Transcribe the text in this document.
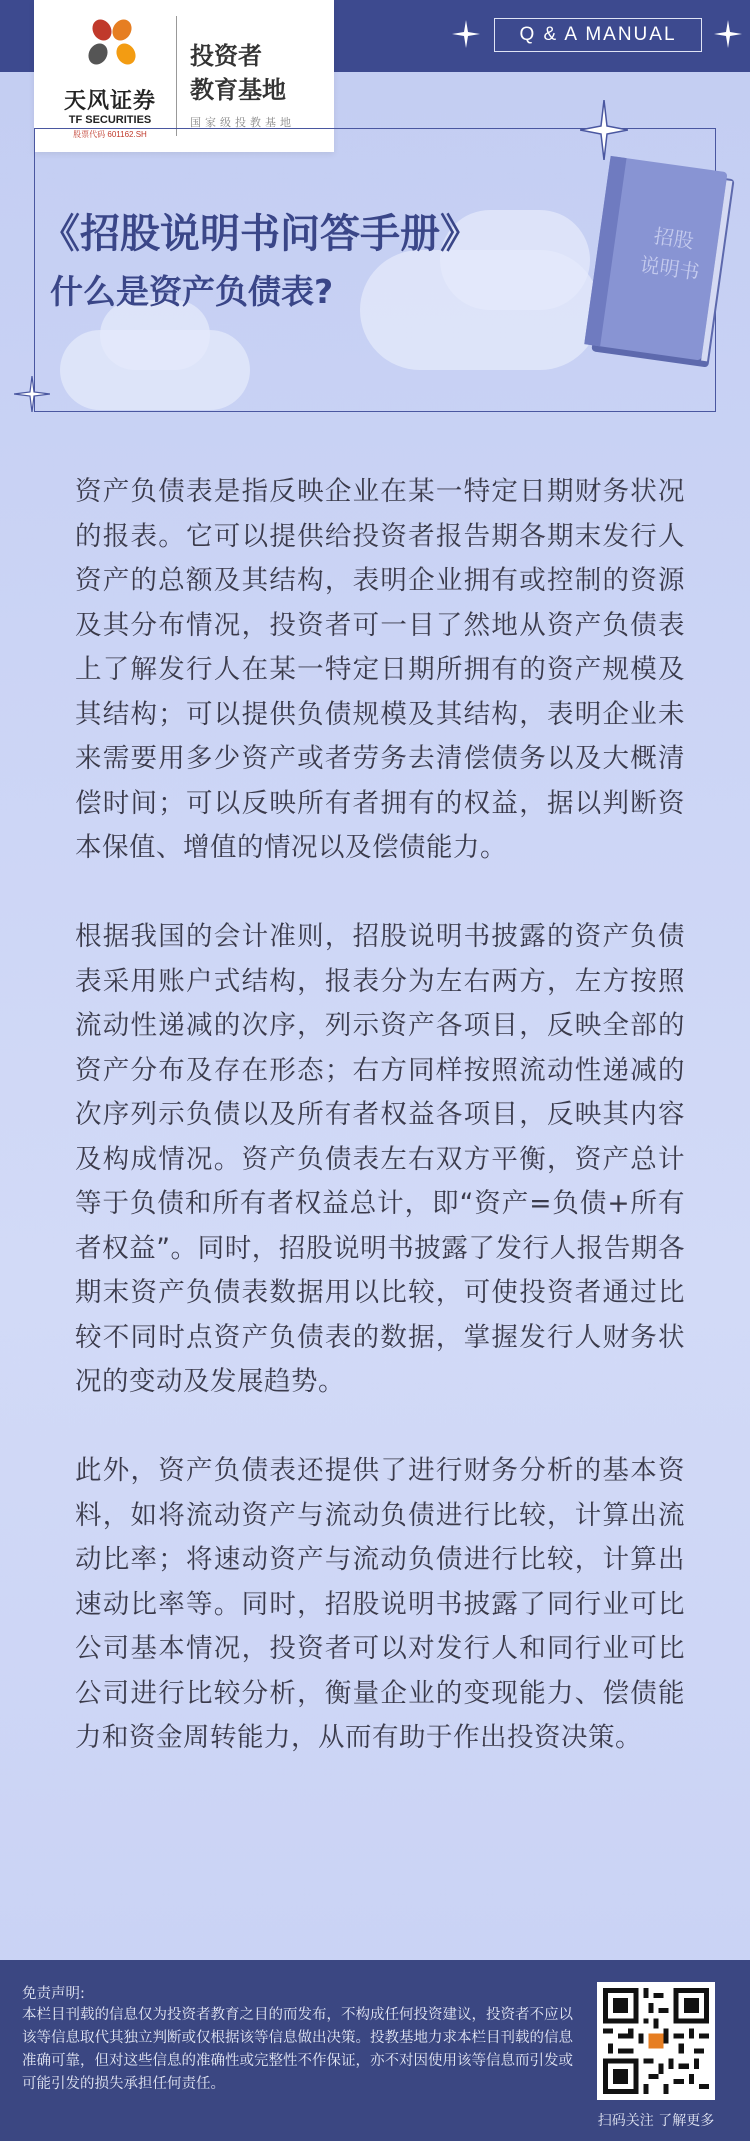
天风证券
TF SECURITIES
股票代码 601162.SH
投资者
教育基地
国家级投教基地
Q & A MANUAL
《招股说明书问答手册》
什么是资产负债表?
招股
说明书

资产负债表是指反映企业在某一特定日期财务状况的报表。它可以提供给投资者报告期各期末发行人资产的总额及其结构，表明企业拥有或控制的资源及其分布情况，投资者可一目了然地从资产负债表上了解发行人在某一特定日期所拥有的资产规模及其结构；可以提供负债规模及其结构，表明企业未来需要用多少资产或者劳务去清偿债务以及大概清偿时间；可以反映所有者拥有的权益，据以判断资本保值、增值的情况以及偿债能力。

根据我国的会计准则，招股说明书披露的资产负债表采用账户式结构，报表分为左右两方，左方按照流动性递减的次序，列示资产各项目，反映全部的资产分布及存在形态；右方同样按照流动性递减的次序列示负债以及所有者权益各项目，反映其内容及构成情况。资产负债表左右双方平衡，资产总计等于负债和所有者权益总计，即“资产=负债+所有者权益”。同时，招股说明书披露了发行人报告期各期末资产负债表数据用以比较，可使投资者通过比较不同时点资产负债表的数据，掌握发行人财务状况的变动及发展趋势。

此外，资产负债表还提供了进行财务分析的基本资料，如将流动资产与流动负债进行比较，计算出流动比率；将速动资产与流动负债进行比较，计算出速动比率等。同时，招股说明书披露了同行业可比公司基本情况，投资者可以对发行人和同行业可比公司进行比较分析，衡量企业的变现能力、偿债能力和资金周转能力，从而有助于作出投资决策。

免责声明:
本栏目刊载的信息仅为投资者教育之目的而发布，不构成任何投资建议，投资者不应以该等信息取代其独立判断或仅根据该等信息做出决策。投教基地力求本栏目刊载的信息准确可靠，但对这些信息的准确性或完整性不作保证，亦不对因使用该等信息而引发或可能引发的损失承担任何责任。
扫码关注 了解更多
